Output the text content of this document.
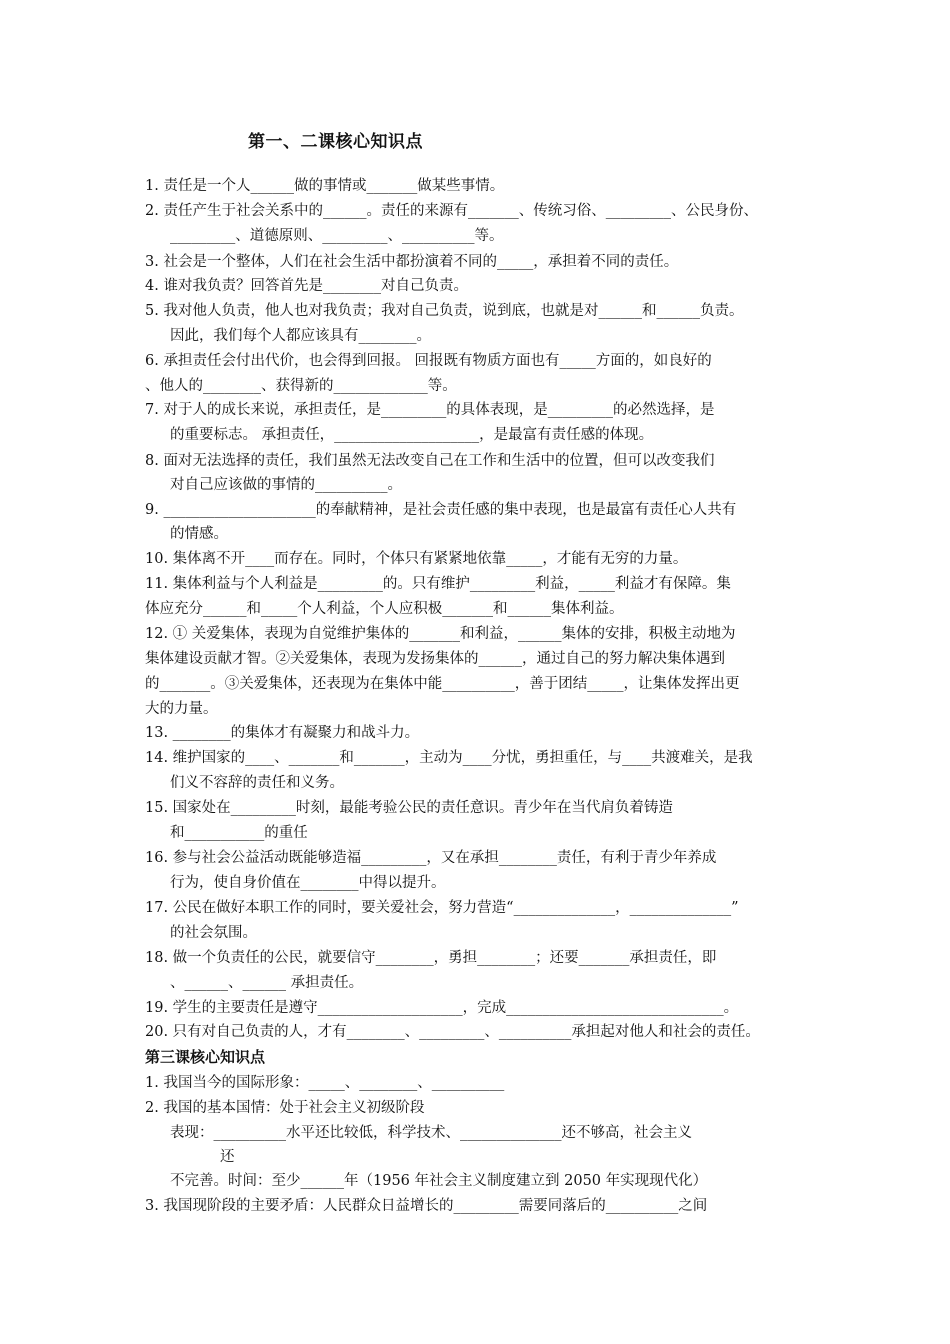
第一、二课核心知识点
1. 责任是一个人______做的事情或_______做某些事情。
2. 责任产生于社会关系中的______。责任的来源有_______、传统习俗、_________、公民身份、
_________、道德原则、_________、__________等。
3. 社会是一个整体，人们在社会生活中都扮演着不同的_____，承担着不同的责任。
4. 谁对我负责？回答首先是________对自己负责。
5. 我对他人负责，他人也对我负责；我对自己负责，说到底，也就是对______和______负责。
因此，我们每个人都应该具有________。
6. 承担责任会付出代价，也会得到回报。 回报既有物质方面也有_____方面的，如良好的
、他人的________、获得新的_____________等。
7. 对于人的成长来说，承担责任，是_________的具体表现，是_________的必然选择，是
的重要标志。 承担责任，____________________，是最富有责任感的体现。
8. 面对无法选择的责任，我们虽然无法改变自己在工作和生活中的位置，但可以改变我们
对自己应该做的事情的__________。
9. _____________________的奉献精神，是社会责任感的集中表现，也是最富有责任心人共有
的情感。
10. 集体离不开____而存在。同时，个体只有紧紧地依靠_____，才能有无穷的力量。
11. 集体利益与个人利益是_________的。只有维护_________利益，_____利益才有保障。集
体应充分______和_____个人利益，个人应积极_______和______集体利益。
12. ① 关爱集体，表现为自觉维护集体的_______和利益，______集体的安排，积极主动地为
集体建设贡献才智。②关爱集体，表现为发扬集体的______，通过自己的努力解决集体遇到
的_______。③关爱集体，还表现为在集体中能__________，善于团结_____，让集体发挥出更
大的力量。
13. ________的集体才有凝聚力和战斗力。
14. 维护国家的____、_______和_______，主动为____分忧，勇担重任，与____共渡难关，是我
们义不容辞的责任和义务。
15. 国家处在_________时刻，最能考验公民的责任意识。青少年在当代肩负着铸造
和___________的重任
16. 参与社会公益活动既能够造福_________，又在承担________责任，有利于青少年养成
行为，使自身价值在________中得以提升。
17. 公民在做好本职工作的同时，要关爱社会，努力营造“______________，______________”
的社会氛围。
18. 做一个负责任的公民，就要信守________，勇担________；还要_______承担责任，即
、______、______ 承担责任。
19. 学生的主要责任是遵守____________________，完成______________________________。
20. 只有对自己负责的人，才有________、_________、__________承担起对他人和社会的责任。
第三课核心知识点
1. 我国当今的国际形象：_____、________、__________
2. 我国的基本国情：处于社会主义初级阶段
表现：__________水平还比较低，科学技术、______________还不够高，社会主义
还
不完善。时间：至少______年（1956 年社会主义制度建立到 2050 年实现现代化）
3. 我国现阶段的主要矛盾：人民群众日益增长的_________需要同落后的__________之间
